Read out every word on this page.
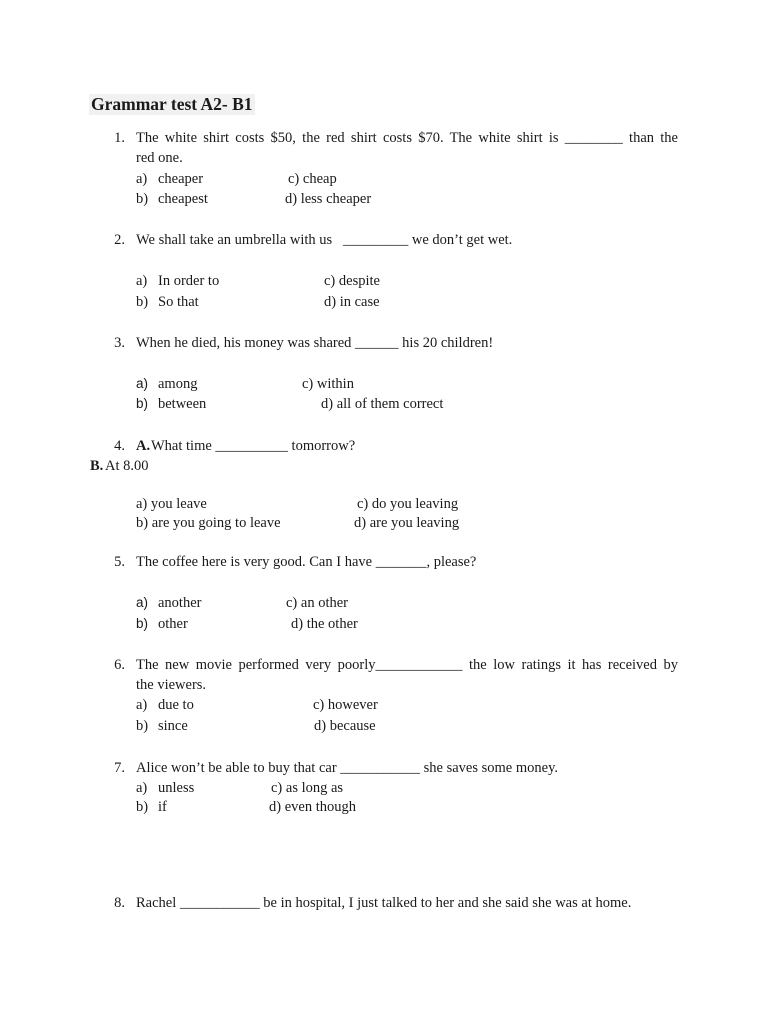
Grammar test A2- B1
1. The white shirt costs $50, the red shirt costs $70. The white shirt is ________ than the
red one.
a) cheaper
b) cheapest
c) cheap
d) less cheaper
2. We shall take an umbrella with us   _________ we don’t get wet.
a) In order to
b) So that
c) despite
d) in case
3. When he died, his money was shared ______ his 20 children!
a) among
b) between
c) within
d) all of them correct
4. A. What time __________ tomorrow?
B. At 8.00
a) you leave
b) are you going to leave
c) do you leaving
d) are you leaving
5. The coffee here is very good. Can I have _______, please?
a) another
b) other
c) an other
d) the other
6. The new movie performed very poorly____________ the low ratings it has received by
the viewers.
a) due to
b) since
c) however
d) because
7. Alice won’t be able to buy that car ___________ she saves some money.
a) unless
b) if
c) as long as
d) even though
8. Rachel ___________ be in hospital, I just talked to her and she said she was at home.
